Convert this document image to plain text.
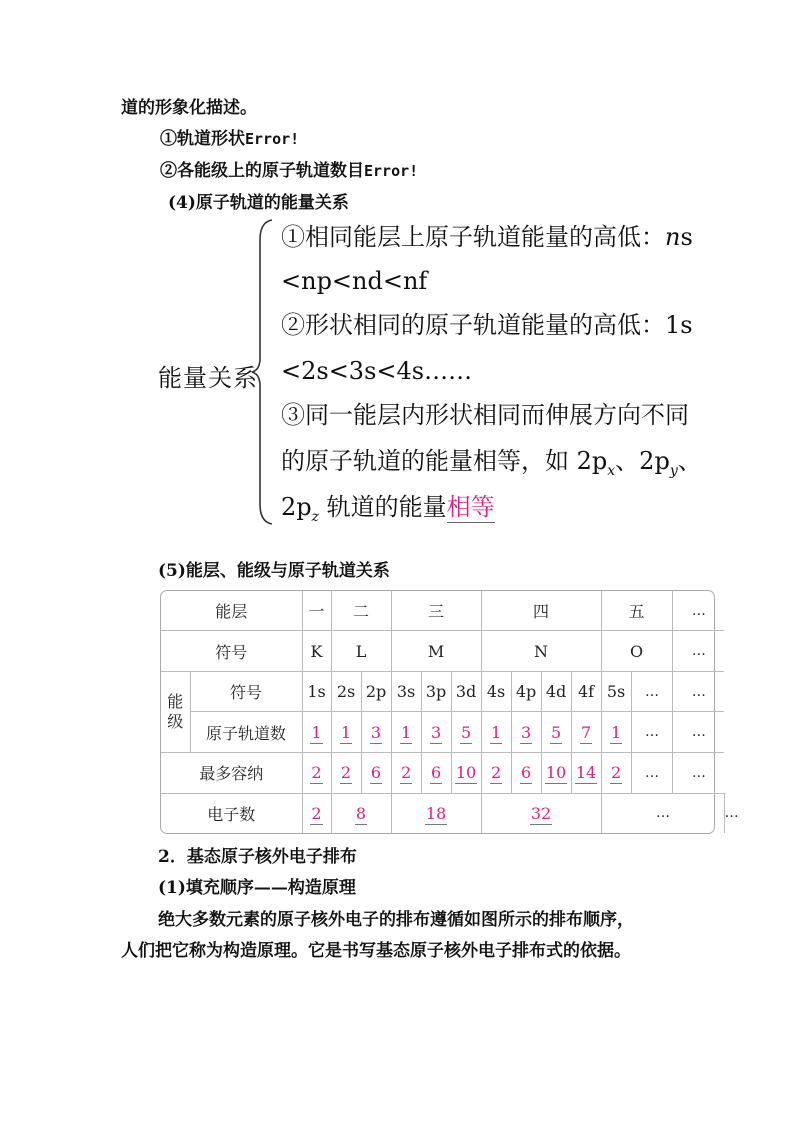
道的形象化描述。
①轨道形状Error!
②各能级上的原子轨道数目Error!
(4)原子轨道的能量关系
能量关系
①相同能层上原子轨道能量的高低：ns
<np<nd<nf
②形状相同的原子轨道能量的高低：1s
<2s<3s<4s……
③同一能层内形状相同而伸展方向不同
的原子轨道的能量相等，如 $2p_x$、$2p_y$、
$2p_z$ 轨道的能量相等
(5)能层、能级与原子轨道关系
能层		一	二		三			四				五		…	
符号		K	L		M			N				O		…	
能级	符号	1s	2s	2p	3s	3p	3d	4s	4p	4d	4f	5s	…	…	
	原子轨道数	1	1	3	1	3	5	1	3	5	7	1	…	…	
最多容纳		2	2	6	2	6	10	2	6	10	14	2	…	…	
电子数		2	8		18			32				…			…
2．基态原子核外电子排布
(1)填充顺序——构造原理
绝大多数元素的原子核外电子的排布遵循如图所示的排布顺序，
人们把它称为构造原理。它是书写基态原子核外电子排布式的依据。
